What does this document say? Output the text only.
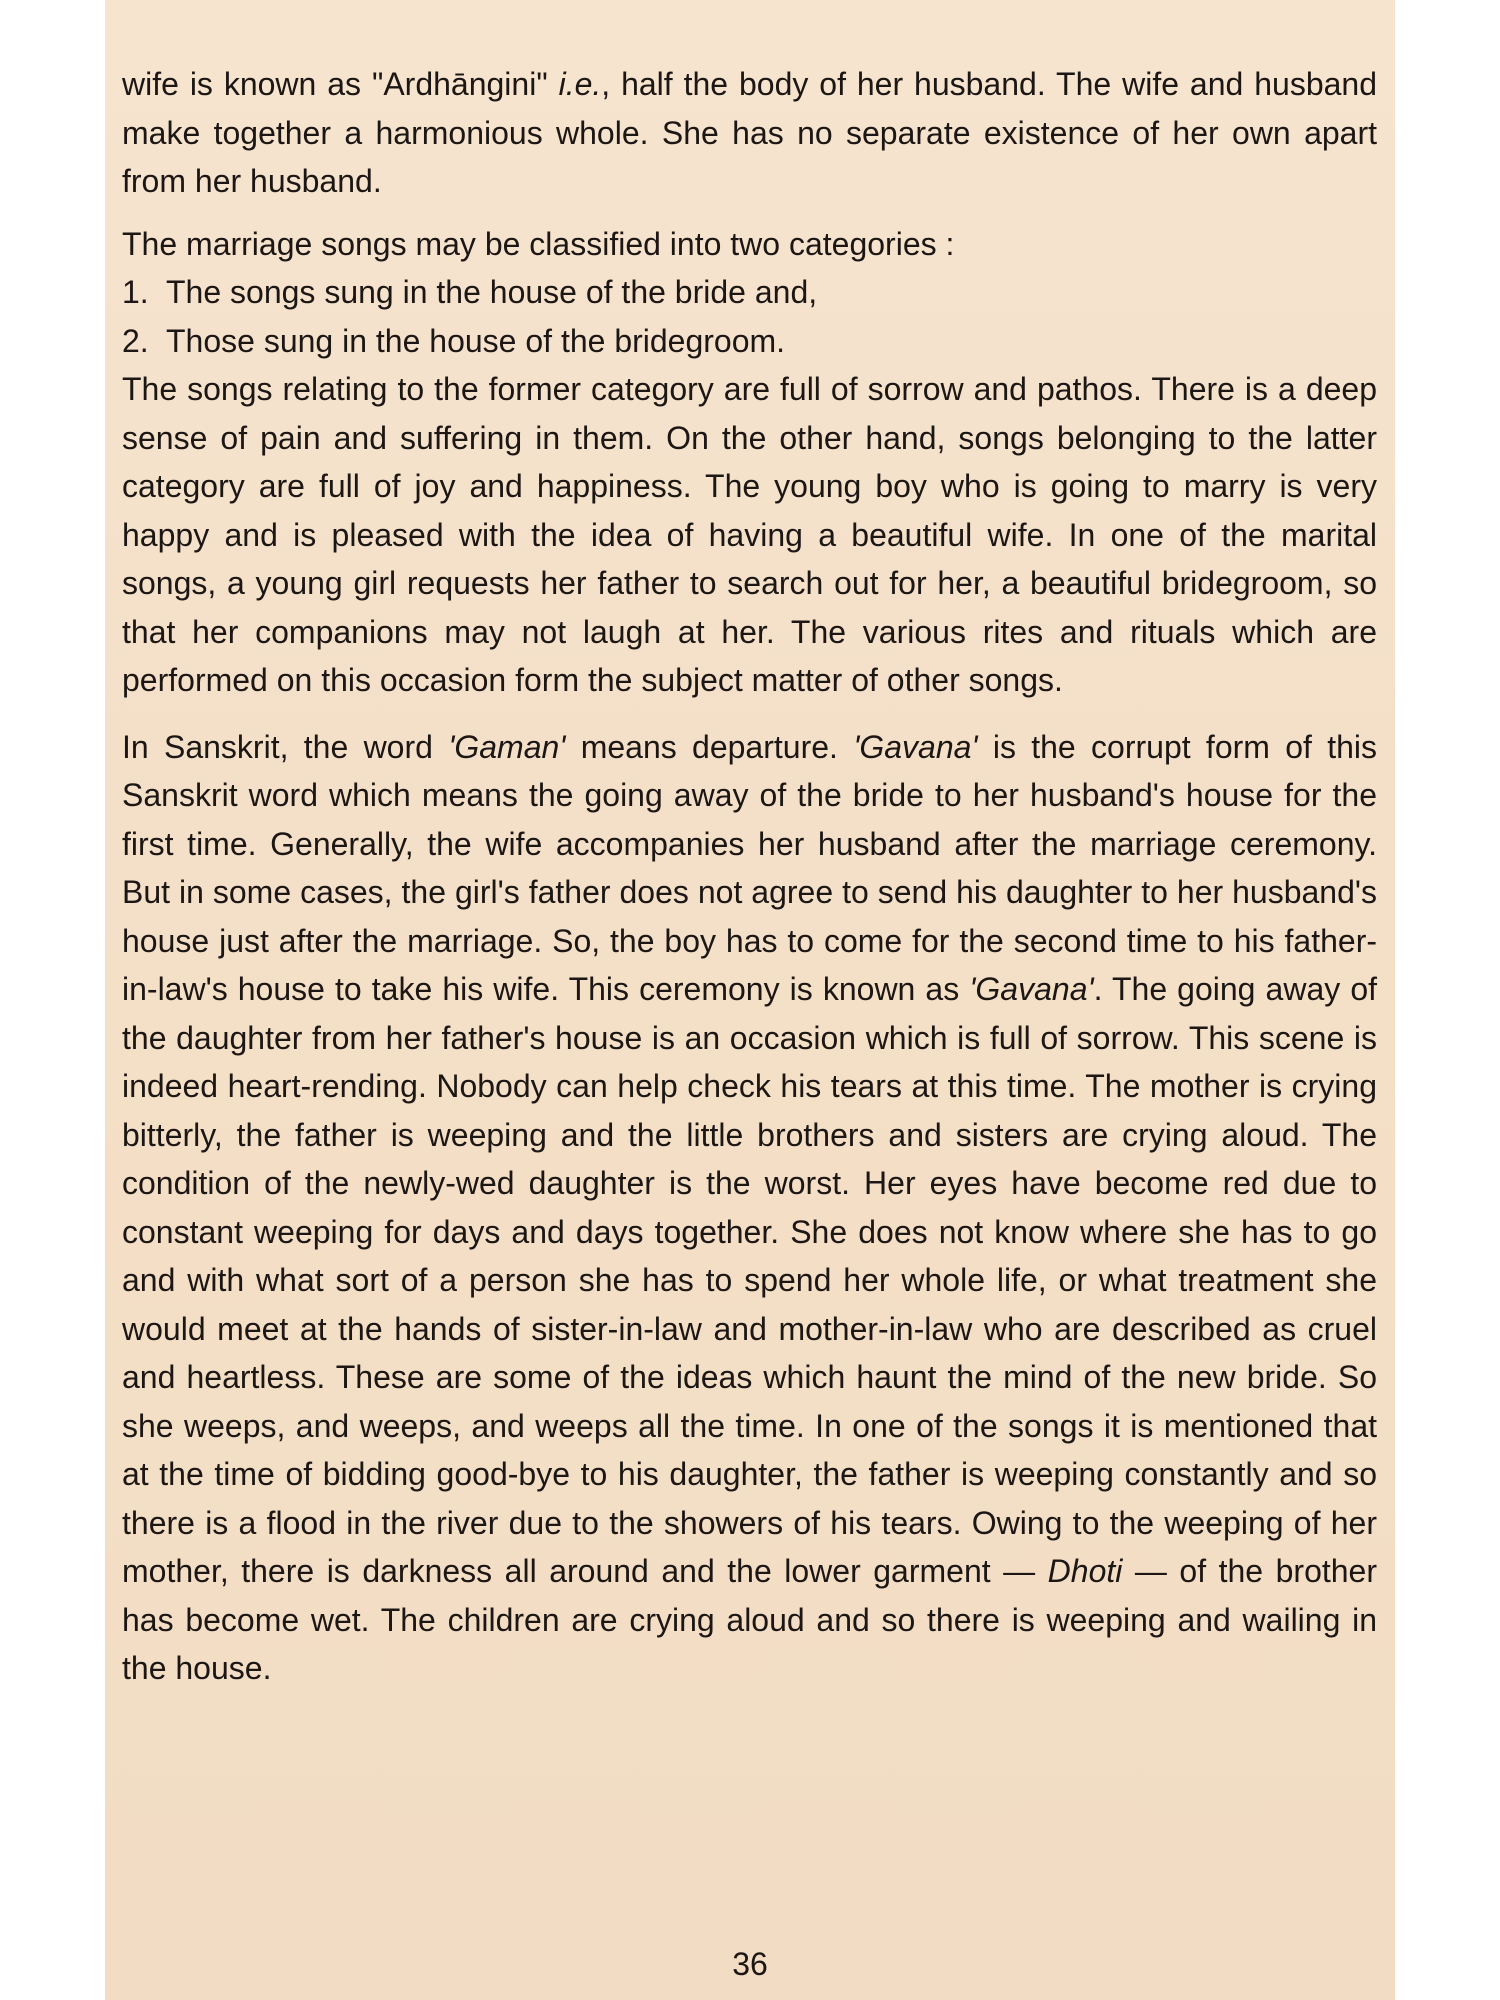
wife is known as "Ardhāngini" i.e., half the body of her husband. The wife and husband make together a harmonious whole. She has no separate existence of her own apart from her husband.

The marriage songs may be classified into two categories :

1. The songs sung in the house of the bride and,
2. Those sung in the house of the bridegroom.

The songs relating to the former category are full of sorrow and pathos. There is a deep sense of pain and suffering in them. On the other hand, songs belonging to the latter category are full of joy and happiness. The young boy who is going to marry is very happy and is pleased with the idea of having a beautiful wife. In one of the marital songs, a young girl requests her father to search out for her, a beautiful bridegroom, so that her companions may not laugh at her. The various rites and rituals which are performed on this occasion form the subject matter of other songs.

In Sanskrit, the word 'Gaman' means departure. 'Gavana' is the corrupt form of this Sanskrit word which means the going away of the bride to her husband's house for the first time. Generally, the wife accompanies her husband after the marriage ceremony. But in some cases, the girl's father does not agree to send his daughter to her husband's house just after the marriage. So, the boy has to come for the second time to his father-in-law's house to take his wife. This ceremony is known as 'Gavana'. The going away of the daughter from her father's house is an occasion which is full of sorrow. This scene is indeed heart-rending. Nobody can help check his tears at this time. The mother is crying bitterly, the father is weeping and the little brothers and sisters are crying aloud. The condition of the newly-wed daughter is the worst. Her eyes have become red due to constant weeping for days and days together. She does not know where she has to go and with what sort of a person she has to spend her whole life, or what treatment she would meet at the hands of sister-in-law and mother-in-law who are described as cruel and heartless. These are some of the ideas which haunt the mind of the new bride. So she weeps, and weeps, and weeps all the time. In one of the songs it is mentioned that at the time of bidding good-bye to his daughter, the father is weeping constantly and so there is a flood in the river due to the showers of his tears. Owing to the weeping of her mother, there is darkness all around and the lower garment — Dhoti — of the brother has become wet. The children are crying aloud and so there is weeping and wailing in the house.

36
